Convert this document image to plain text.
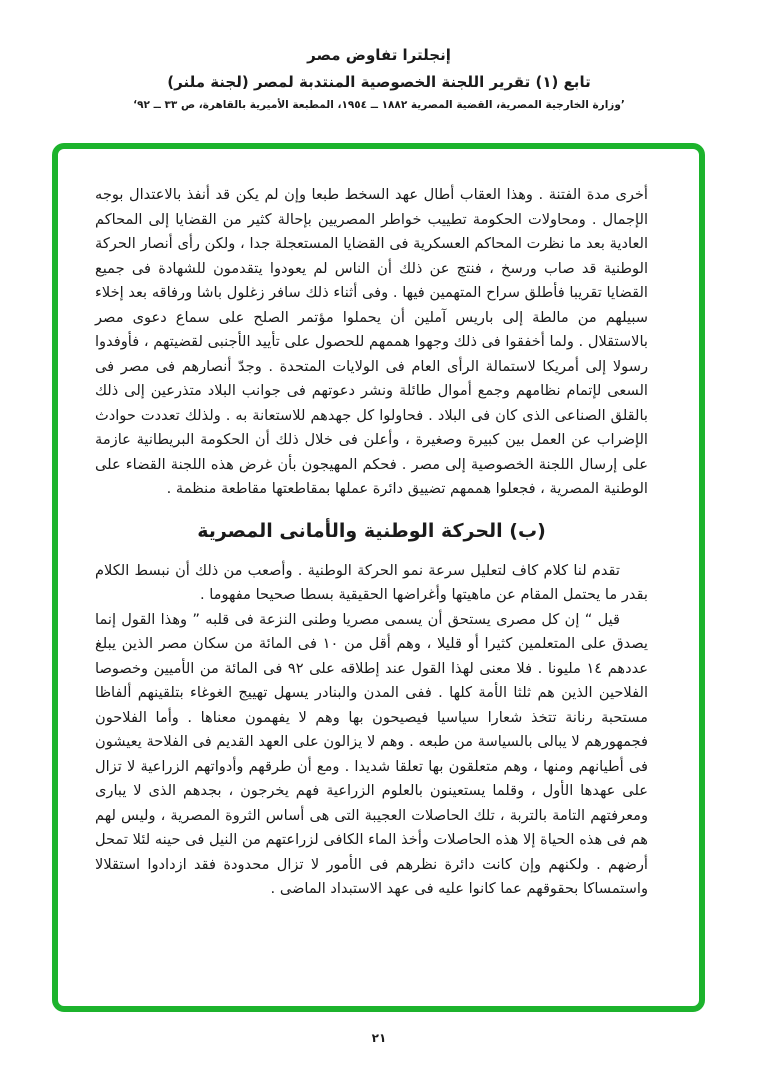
إنجلترا تفاوض مصر
تابع (١) تقرير اللجنة الخصوصية المنتدبة لمصر (لجنة ملنر)
’وزارة الخارجية المصرية، القضية المصرية ١٨٨٢ ــ ١٩٥٤، المطبعة الأميرية بالقاهرة، ص ٣٣ ــ ٩٢‘

أخرى مدة الفتنة . وهذا العقاب أطال عهد السخط طبعا وإن لم يكن قد أنفذ بالاعتدال بوجه الإجمال . ومحاولات الحكومة تطييب خواطر المصريين بإحالة كثير من القضايا إلى المحاكم العادية بعد ما نظرت المحاكم العسكرية فى القضايا المستعجلة جدا ، ولكن رأى أنصار الحركة الوطنية قد صاب ورسخ ، فنتج عن ذلك أن الناس لم يعودوا يتقدمون للشهادة فى جميع القضايا تقريبا فأطلق سراح المتهمين فيها . وفى أثناء ذلك سافر زغلول باشا ورفاقه بعد إخلاء سبيلهم من مالطة إلى باريس آملين أن يحملوا مؤتمر الصلح على سماع دعوى مصر بالاستقلال . ولما أخفقوا فى ذلك وجهوا هممهم للحصول على تأييد الأجنبى لقضيتهم ، فأوفدوا رسولا إلى أمريكا لاستمالة الرأى العام فى الولايات المتحدة . وجدّ أنصارهم فى مصر فى السعى لإتمام نظامهم وجمع أموال طائلة ونشر دعوتهم فى جوانب البلاد متذرعين إلى ذلك بالقلق الصناعى الذى كان فى البلاد . فحاولوا كل جهدهم للاستعانة به . ولذلك تعددت حوادث الإضراب عن العمل بين كبيرة وصغيرة ، وأعلن فى خلال ذلك أن الحكومة البريطانية عازمة على إرسال اللجنة الخصوصية إلى مصر . فحكم المهيجون بأن غرض هذه اللجنة القضاء على الوطنية المصرية ، فجعلوا هممهم تضييق دائرة عملها بمقاطعتها مقاطعة منظمة .

(ب) الحركة الوطنية والأمانى المصرية

تقدم لنا كلام كاف لتعليل سرعة نمو الحركة الوطنية . وأصعب من ذلك أن نبسط الكلام بقدر ما يحتمل المقام عن ماهيتها وأغراضها الحقيقية بسطا صحيحا مفهوما .

قيل “ إن كل مصرى يستحق أن يسمى مصريا وطنى النزعة فى قلبه ” وهذا القول إنما يصدق على المتعلمين كثيرا أو قليلا ، وهم أقل من ١٠ فى المائة من سكان مصر الذين يبلغ عددهم ١٤ مليونا . فلا معنى لهذا القول عند إطلاقه على ٩٢ فى المائة من الأميين وخصوصا الفلاحين الذين هم ثلثا الأمة كلها . ففى المدن والبنادر يسهل تهييج الغوغاء بتلقينهم ألفاظا مستحبة رنانة تتخذ شعارا سياسيا فيصيحون بها وهم لا يفهمون معناها . وأما الفلاحون فجمهورهم لا يبالى بالسياسة من طبعه . وهم لا يزالون على العهد القديم فى الفلاحة يعيشون فى أطيانهم ومنها ، وهم متعلقون بها تعلقا شديدا . ومع أن طرقهم وأدواتهم الزراعية لا تزال على عهدها الأول ، وقلما يستعينون بالعلوم الزراعية فهم يخرجون ، بجدهم الذى لا يبارى ومعرفتهم التامة بالتربة ، تلك الحاصلات العجيبة التى هى أساس الثروة المصرية ، وليس لهم هم فى هذه الحياة إلا هذه الحاصلات وأخذ الماء الكافى لزراعتهم من النيل فى حينه لئلا تمحل أرضهم . ولكنهم وإن كانت دائرة نظرهم فى الأمور لا تزال محدودة فقد ازدادوا استقلالا واستمساكا بحقوقهم عما كانوا عليه فى عهد الاستبداد الماضى .

٢١
